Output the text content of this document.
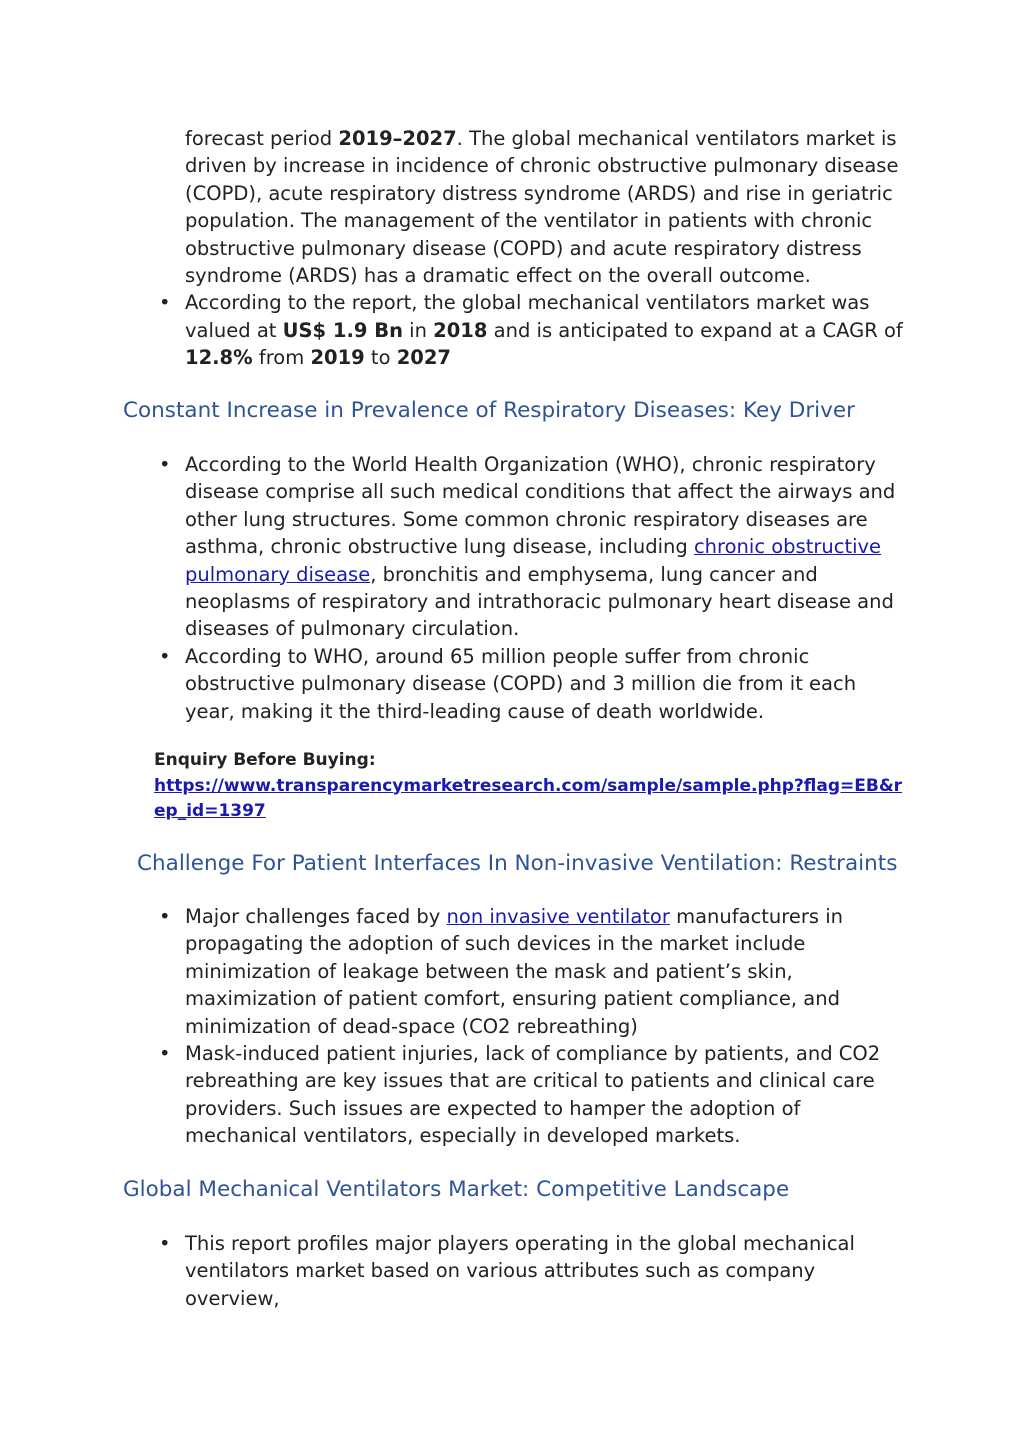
forecast period 2019–2027. The global mechanical ventilators market is driven by increase in incidence of chronic obstructive pulmonary disease (COPD), acute respiratory distress syndrome (ARDS) and rise in geriatric population. The management of the ventilator in patients with chronic obstructive pulmonary disease (COPD) and acute respiratory distress syndrome (ARDS) has a dramatic effect on the overall outcome.
• According to the report, the global mechanical ventilators market was valued at US$ 1.9 Bn in 2018 and is anticipated to expand at a CAGR of 12.8% from 2019 to 2027
Constant Increase in Prevalence of Respiratory Diseases: Key Driver
• According to the World Health Organization (WHO), chronic respiratory disease comprise all such medical conditions that affect the airways and other lung structures. Some common chronic respiratory diseases are asthma, chronic obstructive lung disease, including chronic obstructive pulmonary disease, bronchitis and emphysema, lung cancer and neoplasms of respiratory and intrathoracic pulmonary heart disease and diseases of pulmonary circulation.
• According to WHO, around 65 million people suffer from chronic obstructive pulmonary disease (COPD) and 3 million die from it each year, making it the third-leading cause of death worldwide.
Enquiry Before Buying:
https://www.transparencymarketresearch.com/sample/sample.php?flag=EB&rep_id=1397
Challenge For Patient Interfaces In Non-invasive Ventilation: Restraints
• Major challenges faced by non invasive ventilator manufacturers in propagating the adoption of such devices in the market include minimization of leakage between the mask and patient’s skin, maximization of patient comfort, ensuring patient compliance, and minimization of dead-space (CO2 rebreathing)
• Mask-induced patient injuries, lack of compliance by patients, and CO2 rebreathing are key issues that are critical to patients and clinical care providers. Such issues are expected to hamper the adoption of mechanical ventilators, especially in developed markets.
Global Mechanical Ventilators Market: Competitive Landscape
• This report profiles major players operating in the global mechanical ventilators market based on various attributes such as company overview,
